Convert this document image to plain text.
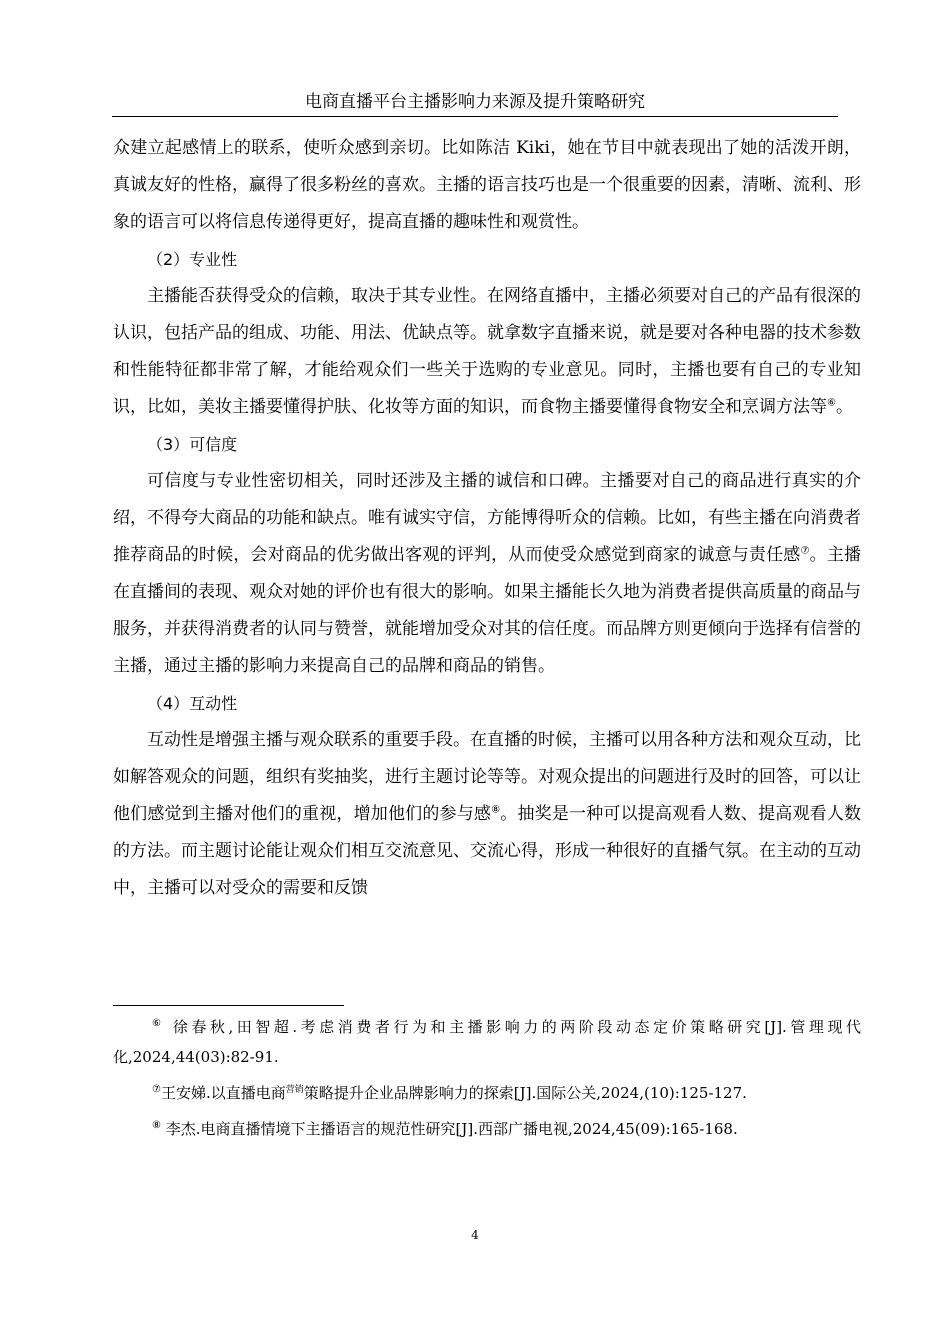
电商直播平台主播影响力来源及提升策略研究

众建立起感情上的联系，使听众感到亲切。比如陈洁 Kiki，她在节目中就表现出了她的活泼开朗，真诚友好的性格，赢得了很多粉丝的喜欢。主播的语言技巧也是一个很重要的因素，清晰、流利、形象的语言可以将信息传递得更好，提高直播的趣味性和观赏性。

（2）专业性

主播能否获得受众的信赖，取决于其专业性。在网络直播中，主播必须要对自己的产品有很深的认识，包括产品的组成、功能、用法、优缺点等。就拿数字直播来说，就是要对各种电器的技术参数和性能特征都非常了解，才能给观众们一些关于选购的专业意见。同时，主播也要有自己的专业知识，比如，美妆主播要懂得护肤、化妆等方面的知识，而食物主播要懂得食物安全和烹调方法等⑥。

（3）可信度

可信度与专业性密切相关，同时还涉及主播的诚信和口碑。主播要对自己的商品进行真实的介绍，不得夸大商品的功能和缺点。唯有诚实守信，方能博得听众的信赖。比如，有些主播在向消费者推荐商品的时候，会对商品的优劣做出客观的评判，从而使受众感觉到商家的诚意与责任感⑦。主播在直播间的表现、观众对她的评价也有很大的影响。如果主播能长久地为消费者提供高质量的商品与服务，并获得消费者的认同与赞誉，就能增加受众对其的信任度。而品牌方则更倾向于选择有信誉的主播，通过主播的影响力来提高自己的品牌和商品的销售。

（4）互动性

互动性是增强主播与观众联系的重要手段。在直播的时候，主播可以用各种方法和观众互动，比如解答观众的问题，组织有奖抽奖，进行主题讨论等等。对观众提出的问题进行及时的回答，可以让他们感觉到主播对他们的重视，增加他们的参与感⑧。抽奖是一种可以提高观看人数、提高观看人数的方法。而主题讨论能让观众们相互交流意见、交流心得，形成一种很好的直播气氛。在主动的互动中，主播可以对受众的需要和反馈

⑥ 徐春秋,田智超.考虑消费者行为和主播影响力的两阶段动态定价策略研究[J].管理现代化,2024,44(03):82-91.

⑦王安娣.以直播电商$^{营销}$策略提升企业品牌影响力的探索[J].国际公关,2024,(10):125-127.

⑧ 李杰.电商直播情境下主播语言的规范性研究[J].西部广播电视,2024,45(09):165-168.

4
